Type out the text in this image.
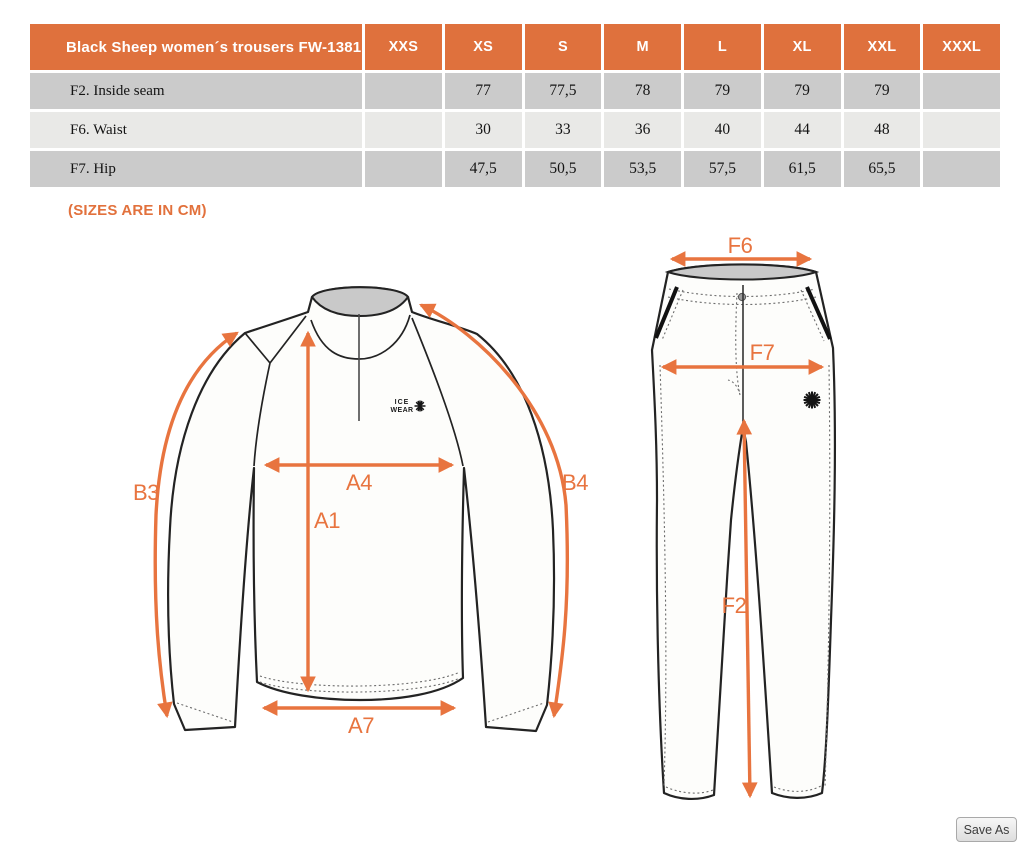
Black Sheep women´s trousers FW-1381	XXS	XS	S	M	L	XL	XXL	XXXL
F2. Inside seam		77	77,5	78	79	79	79	
F6. Waist		30	33	36	40	44	48	
F7. Hip		47,5	50,5	53,5	57,5	61,5	65,5	
(SIZES ARE IN CM)
ICE
WEAR
B3	A4
A1
B4
A7
F6
F7
F2
Save As
